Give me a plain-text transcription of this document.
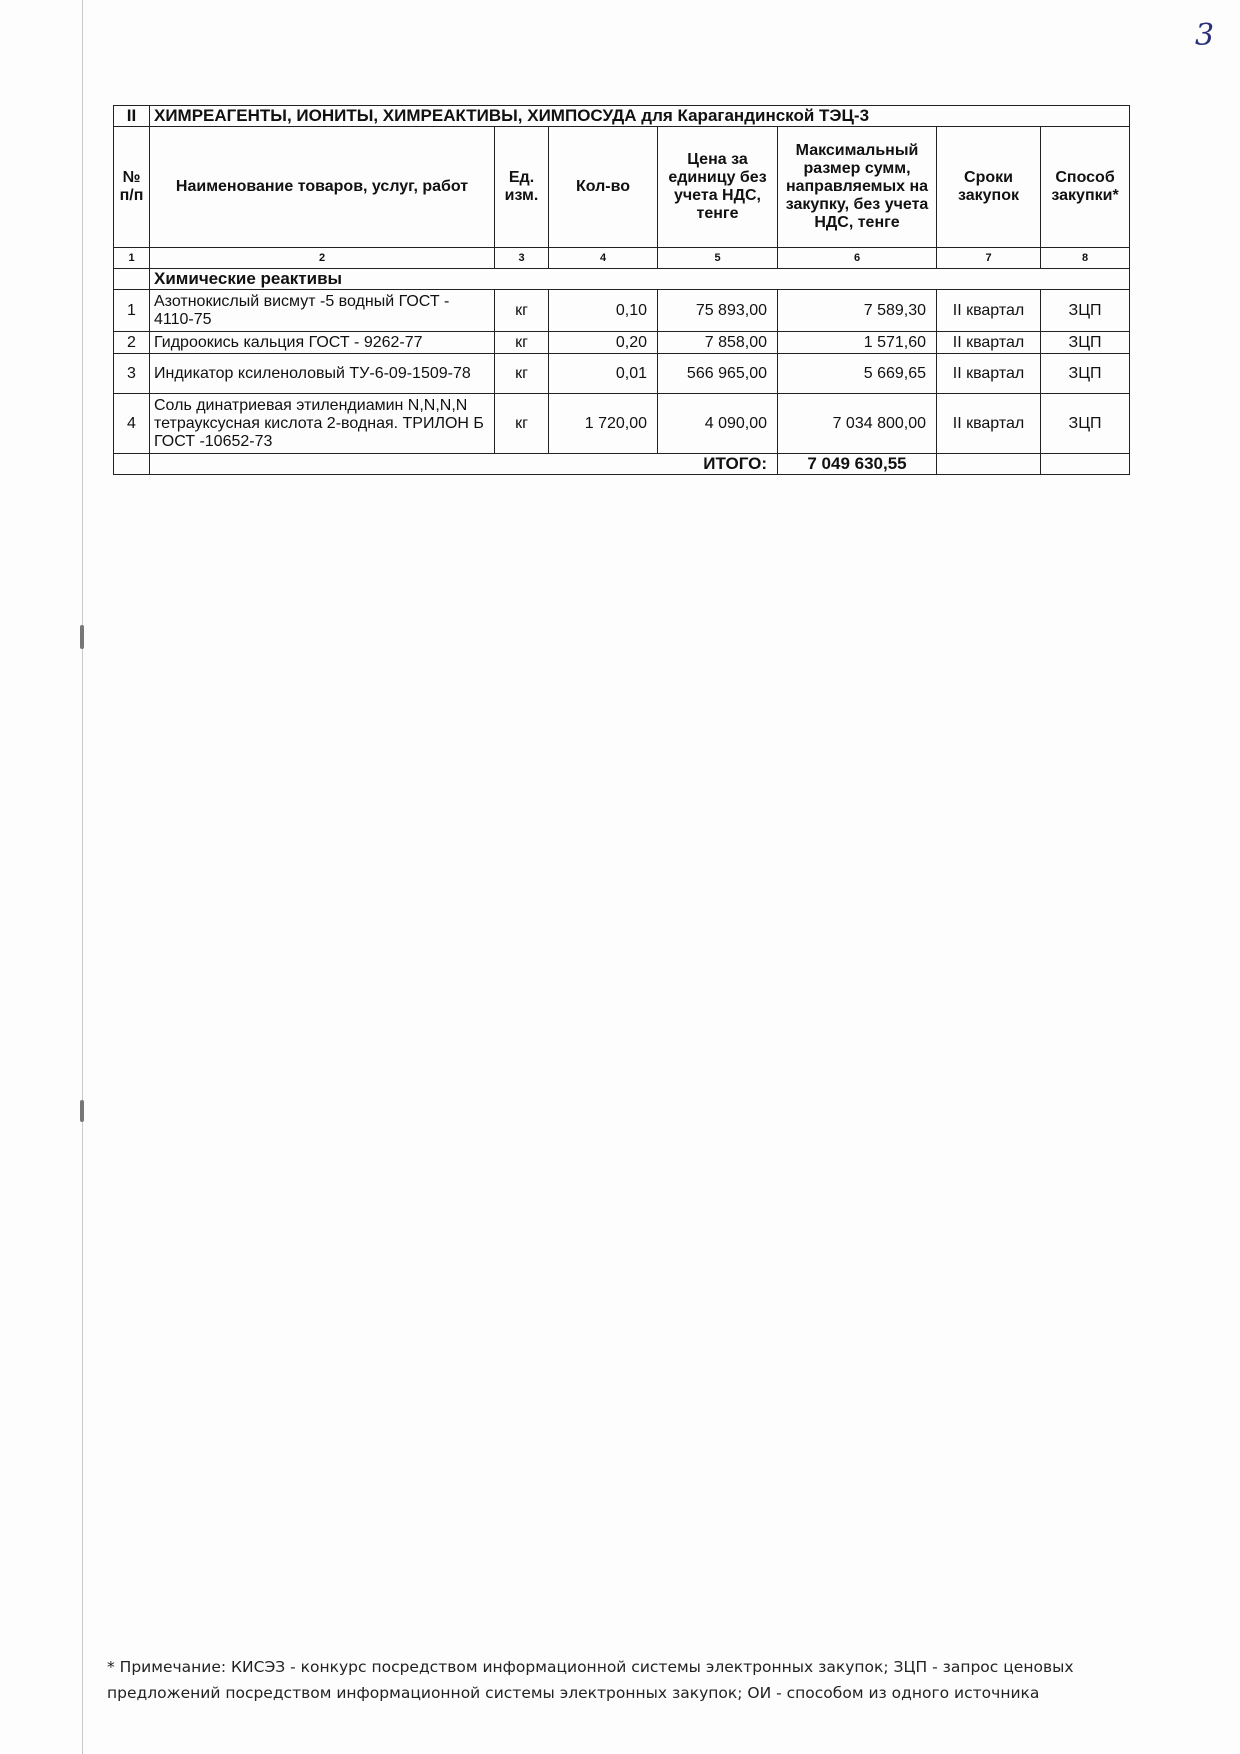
3
II	ХИМРЕАГЕНТЫ, ИОНИТЫ, ХИМРЕАКТИВЫ, ХИМПОСУДА для Карагандинской ТЭЦ-3						
№ п/п	Наименование товаров, услуг, работ	Ед. изм.	Кол-во	Цена за единицу без учета НДС, тенге	Максимальный размер сумм, направляемых на закупку, без учета НДС, тенге	Сроки закупок	Способ закупки*
1	2	3	4	5	6	7	8
	Химические реактивы						
1	Азотнокислый висмут -5 водный ГОСТ - 4110-75	кг	0,10	75 893,00	7 589,30	II квартал	ЗЦП
2	Гидроокись кальция ГОСТ - 9262-77	кг	0,20	7 858,00	1 571,60	II квартал	ЗЦП
3	Индикатор ксиленоловый ТУ-6-09-1509-78	кг	0,01	566 965,00	5 669,65	II квартал	ЗЦП
4	Соль динатриевая этилендиамин N,N,N,N тетрауксусная кислота 2-водная. ТРИЛОН Б ГОСТ -10652-73	кг	1 720,00	4 090,00	7 034 800,00	II квартал	ЗЦП
	ИТОГО:				7 049 630,55		
* Примечание: КИСЭЗ - конкурс посредством информационной системы электронных закупок; ЗЦП - запрос ценовых предложений посредством информационной системы электронных закупок; ОИ - способом из одного источника
